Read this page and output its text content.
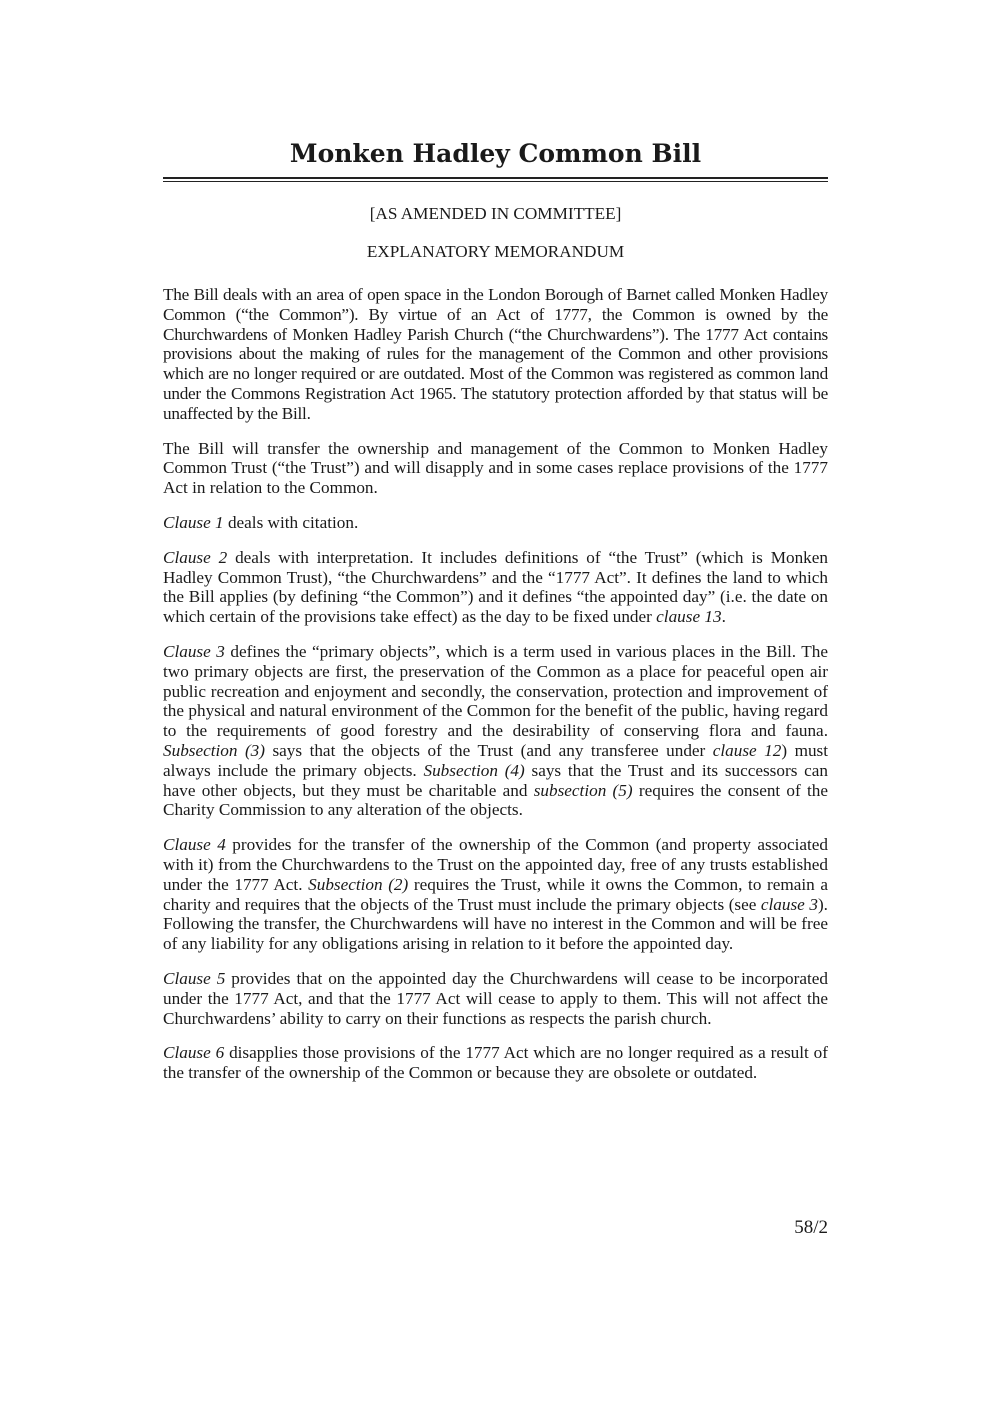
Monken Hadley Common Bill

[AS AMENDED IN COMMITTEE]

EXPLANATORY MEMORANDUM

The Bill deals with an area of open space in the London Borough of Barnet called Monken Hadley Common (“the Common”). By virtue of an Act of 1777, the Common is owned by the Churchwardens of Monken Hadley Parish Church (“the Churchwardens”). The 1777 Act contains provisions about the making of rules for the management of the Common and other provisions which are no longer required or are outdated. Most of the Common was registered as common land under the Commons Registration Act 1965. The statutory protection afforded by that status will be unaffected by the Bill.

The Bill will transfer the ownership and management of the Common to Monken Hadley Common Trust (“the Trust”) and will disapply and in some cases replace provisions of the 1777 Act in relation to the Common.

Clause 1 deals with citation.

Clause 2 deals with interpretation. It includes definitions of “the Trust” (which is Monken Hadley Common Trust), “the Churchwardens” and the “1777 Act”. It defines the land to which the Bill applies (by defining “the Common”) and it defines “the appointed day” (i.e. the date on which certain of the provisions take effect) as the day to be fixed under clause 13.

Clause 3 defines the “primary objects”, which is a term used in various places in the Bill. The two primary objects are first, the preservation of the Common as a place for peaceful open air public recreation and enjoyment and secondly, the conservation, protection and improvement of the physical and natural environment of the Common for the benefit of the public, having regard to the requirements of good forestry and the desirability of conserving flora and fauna. Subsection (3) says that the objects of the Trust (and any transferee under clause 12) must always include the primary objects. Subsection (4) says that the Trust and its successors can have other objects, but they must be charitable and subsection (5) requires the consent of the Charity Commission to any alteration of the objects.

Clause 4 provides for the transfer of the ownership of the Common (and property associated with it) from the Churchwardens to the Trust on the appointed day, free of any trusts established under the 1777 Act. Subsection (2) requires the Trust, while it owns the Common, to remain a charity and requires that the objects of the Trust must include the primary objects (see clause 3). Following the transfer, the Churchwardens will have no interest in the Common and will be free of any liability for any obligations arising in relation to it before the appointed day.

Clause 5 provides that on the appointed day the Churchwardens will cease to be incorporated under the 1777 Act, and that the 1777 Act will cease to apply to them. This will not affect the Churchwardens’ ability to carry on their functions as respects the parish church.

Clause 6 disapplies those provisions of the 1777 Act which are no longer required as a result of the transfer of the ownership of the Common or because they are obsolete or outdated.

58/2
